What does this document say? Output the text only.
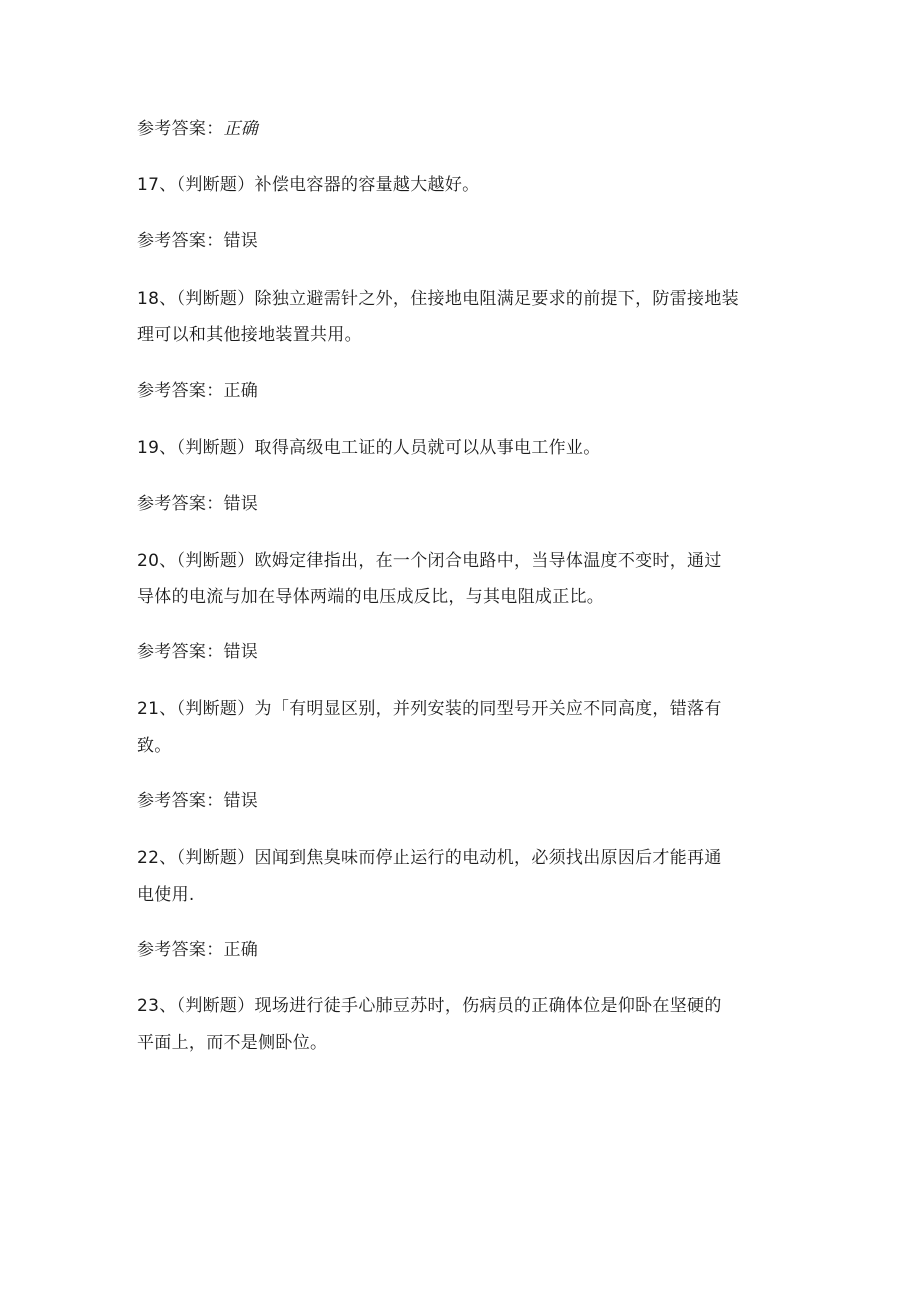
参考答案：正确
17、（判断题）补偿电容器的容量越大越好。
参考答案：错误
18、（判断题）除独立避需针之外，住接地电阻满足要求的前提下，防雷接地装
理可以和其他接地装置共用。
参考答案：正确
19、（判断题）取得高级电工证的人员就可以从事电工作业。
参考答案：错误
20、（判断题）欧姆定律指出，在一个闭合电路中，当导体温度不变时，通过
导体的电流与加在导体两端的电压成反比，与其电阻成正比。
参考答案：错误
21、（判断题）为「有明显区别，并列安装的同型号开关应不同高度，错落有
致。
参考答案：错误
22、（判断题）因闻到焦臭味而停止运行的电动机，必须找出原因后才能再通
电使用.
参考答案：正确
23、（判断题）现场进行徒手心肺豆苏时，伤病员的正确体位是仰卧在坚硬的
平面上，而不是侧卧位。
